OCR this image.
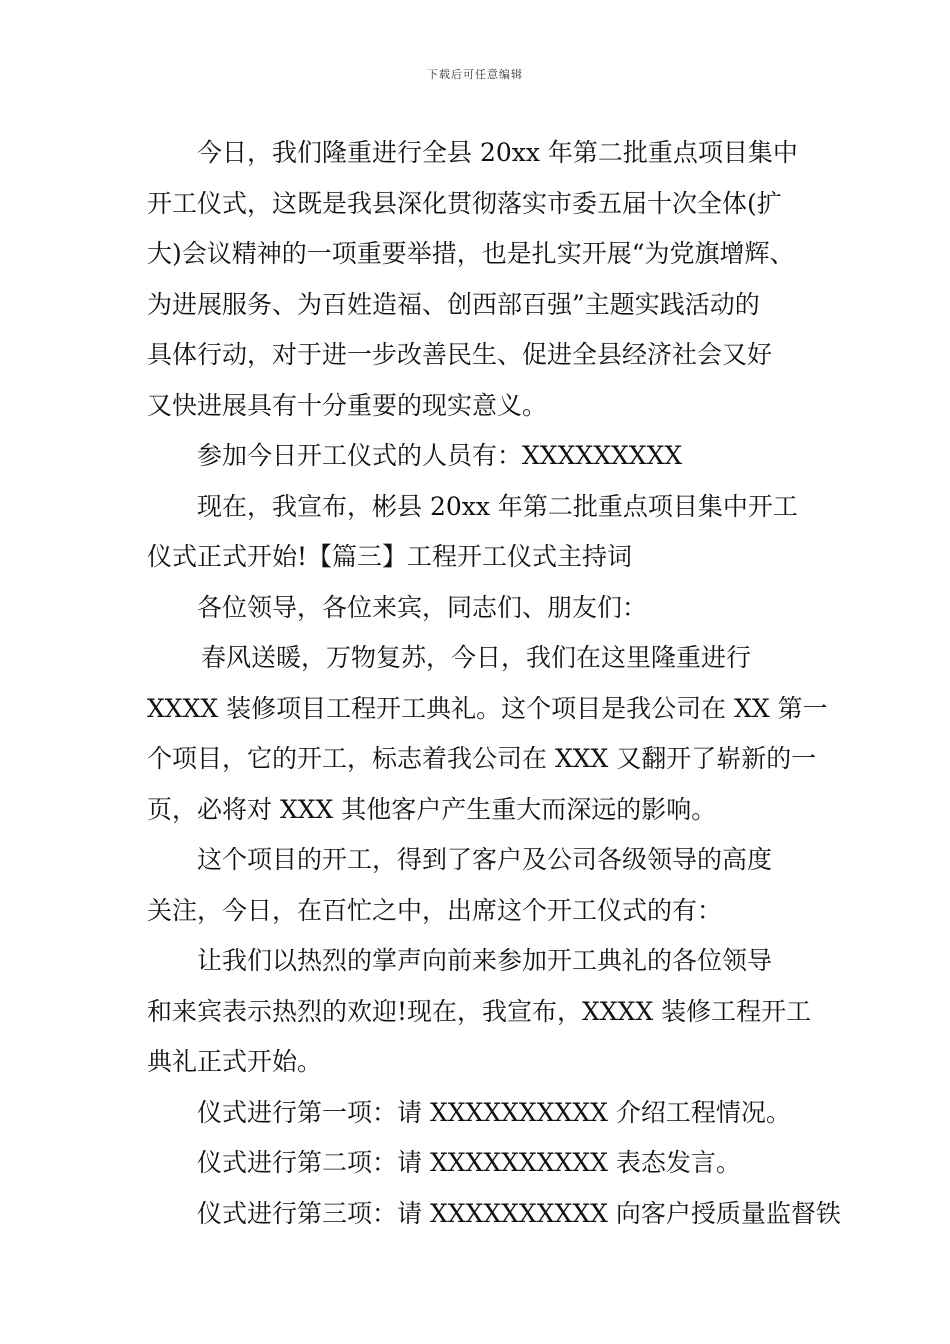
下载后可任意编辑
今日，我们隆重进行全县 20xx 年第二批重点项目集中
开工仪式，这既是我县深化贯彻落实市委五届十次全体(扩
大)会议精神的一项重要举措，也是扎实开展“为党旗增辉、
为进展服务、为百姓造福、创西部百强”主题实践活动的
具体行动，对于进一步改善民生、促进全县经济社会又好
又快进展具有十分重要的现实意义。
参加今日开工仪式的人员有：XXXXXXXXX
现在，我宣布，彬县 20xx 年第二批重点项目集中开工
仪式正式开始!【篇三】工程开工仪式主持词
各位领导，各位来宾，同志们、朋友们：
春风送暖，万物复苏，今日，我们在这里隆重进行
XXXX 装修项目工程开工典礼。这个项目是我公司在 XX 第一
个项目，它的开工，标志着我公司在 XXX 又翻开了崭新的一
页，必将对 XXX 其他客户产生重大而深远的影响。
这个项目的开工，得到了客户及公司各级领导的高度
关注，今日，在百忙之中，出席这个开工仪式的有：
让我们以热烈的掌声向前来参加开工典礼的各位领导
和来宾表示热烈的欢迎!现在，我宣布，XXXX 装修工程开工
典礼正式开始。
仪式进行第一项：请 XXXXXXXXXX 介绍工程情况。
仪式进行第二项：请 XXXXXXXXXX 表态发言。
仪式进行第三项：请 XXXXXXXXXX 向客户授质量监督铁
